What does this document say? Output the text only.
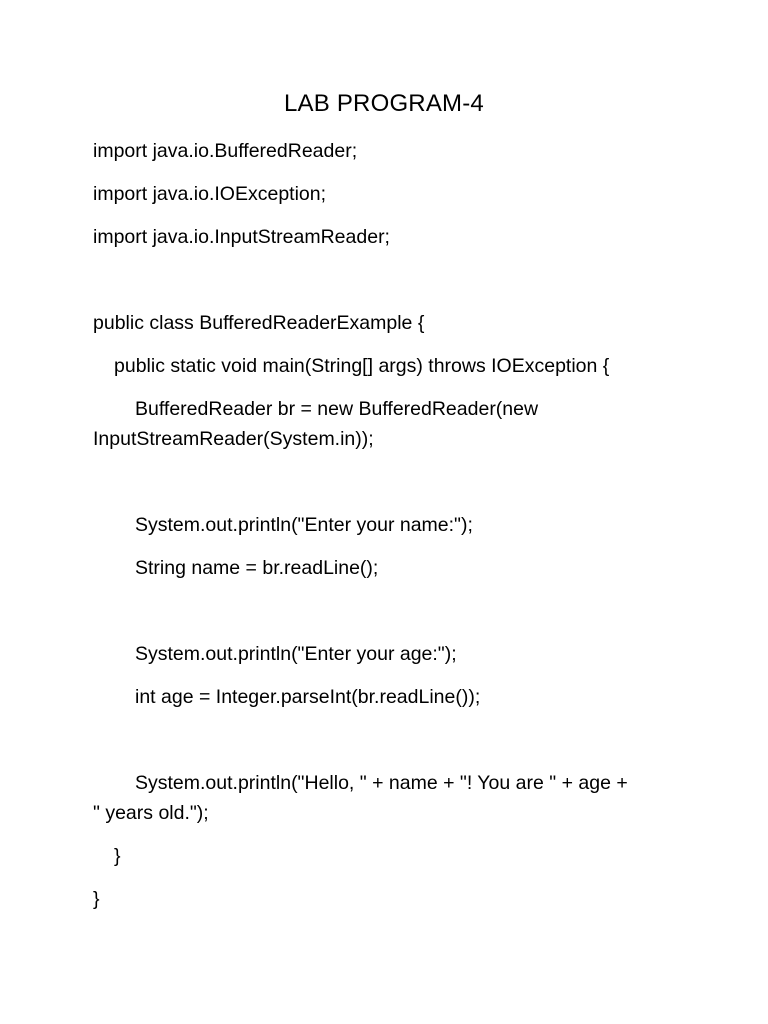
LAB PROGRAM-4
import java.io.BufferedReader;
import java.io.IOException;
import java.io.InputStreamReader;
public class BufferedReaderExample {
public static void main(String[] args) throws IOException {
BufferedReader br = new BufferedReader(new
InputStreamReader(System.in));
System.out.println("Enter your name:");
String name = br.readLine();
System.out.println("Enter your age:");
int age = Integer.parseInt(br.readLine());
System.out.println("Hello, " + name + "! You are " + age +
" years old.");
}
}
